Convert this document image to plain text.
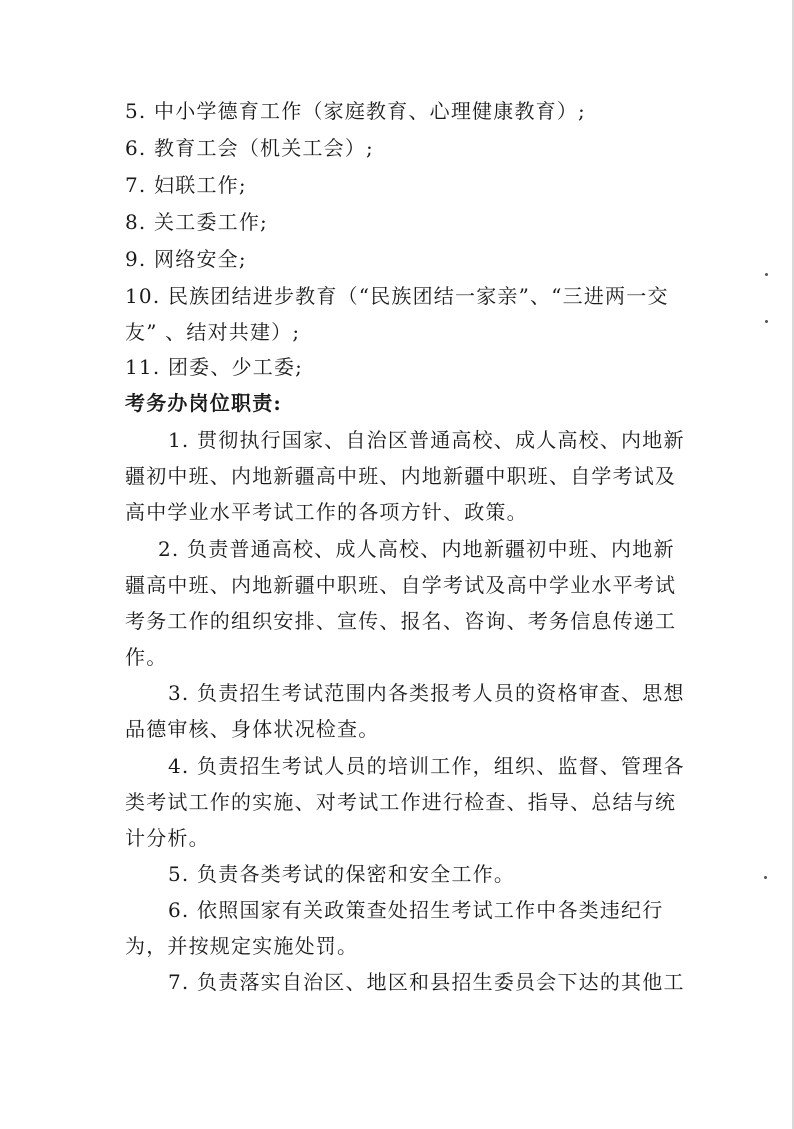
5. 中小学德育工作（家庭教育、心理健康教育）;
6. 教育工会（机关工会）;
7. 妇联工作;
8. 关工委工作;
9. 网络安全;
10. 民族团结进步教育（“民族团结一家亲”、“三进两一交
友” 、结对共建）;
11. 团委、少工委;
考务办岗位职责:
1. 贯彻执行国家、自治区普通高校、成人高校、内地新
疆初中班、内地新疆高中班、内地新疆中职班、自学考试及
高中学业水平考试工作的各项方针、政策。
2. 负责普通高校、成人高校、内地新疆初中班、内地新
疆高中班、内地新疆中职班、自学考试及高中学业水平考试
考务工作的组织安排、宣传、报名、咨询、考务信息传递工
作。
3. 负责招生考试范围内各类报考人员的资格审查、思想
品德审核、身体状况检查。
4. 负责招生考试人员的培训工作，组织、监督、管理各
类考试工作的实施、对考试工作进行检查、指导、总结与统
计分析。
5. 负责各类考试的保密和安全工作。
6. 依照国家有关政策查处招生考试工作中各类违纪行
为，并按规定实施处罚。
7. 负责落实自治区、地区和县招生委员会下达的其他工
